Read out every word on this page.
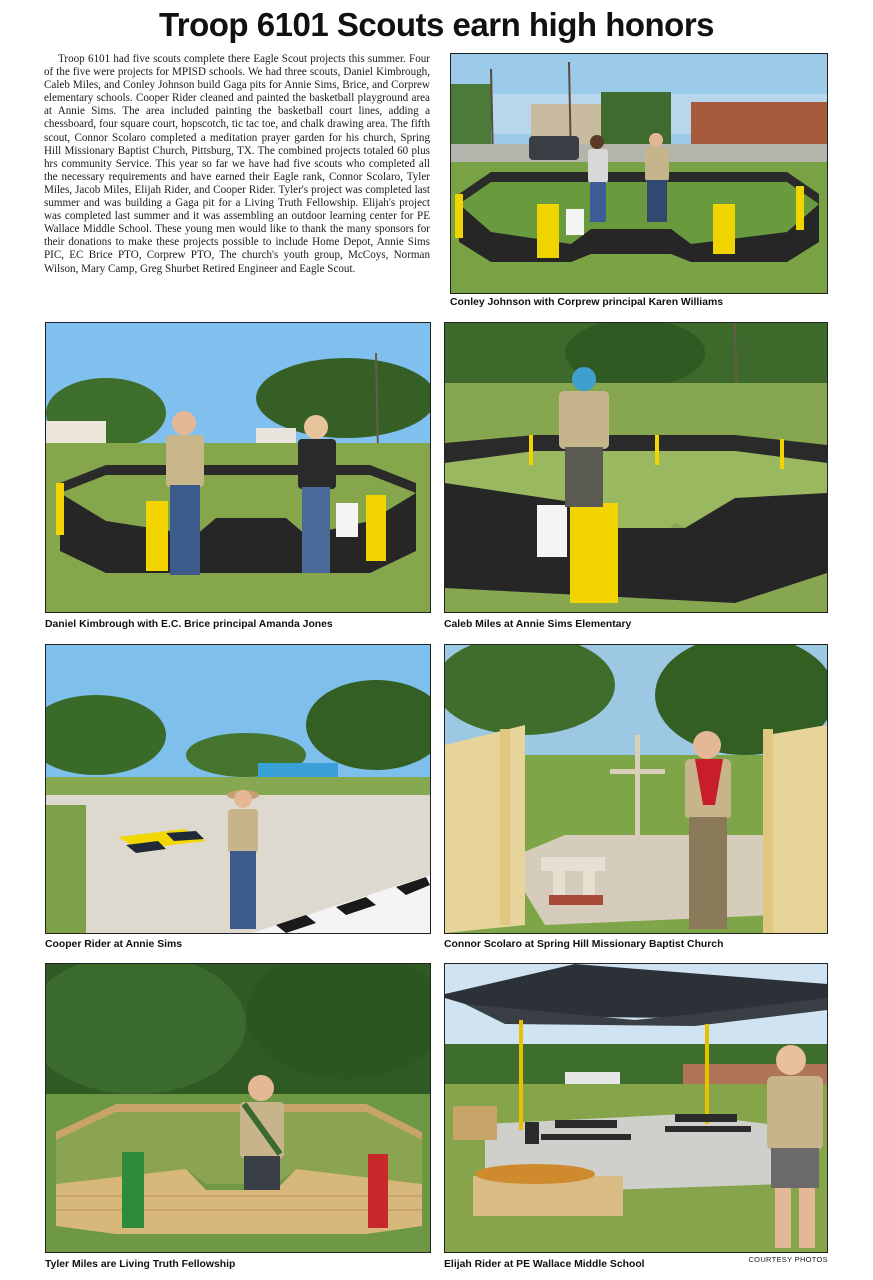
Troop 6101 Scouts earn high honors

Troop 6101 had five scouts complete there Eagle Scout projects this summer. Four of the five were projects for MPISD schools. We had three scouts, Daniel Kimbrough, Caleb Miles, and Conley Johnson build Gaga pits for Annie Sims, Brice, and Corprew elementary schools. Cooper Rider cleaned and painted the basketball playground area at Annie Sims. The area included painting the basketball court lines, adding a chessboard, four square court, hopscotch, tic tac toe, and chalk drawing area. The fifth scout, Connor Scolaro completed a meditation prayer garden for his church, Spring Hill Missionary Baptist Church, Pittsburg, TX. The combined projects totaled 60 plus hrs community Service. This year so far we have had five scouts who completed all the necessary requirements and have earned their Eagle rank, Connor Scolaro, Tyler Miles, Jacob Miles, Elijah Rider, and Cooper Rider. Tyler's project was completed last summer and was building a Gaga pit for a Living Truth Fellowship. Elijah's project was completed last summer and it was assembling an outdoor learning center for PE Wallace Middle School. These young men would like to thank the many sponsors for their donations to make these projects possible to include Home Depot, Annie Sims PIC, EC Brice PTO, Corprew PTO, The church's youth group, McCoys, Norman Wilson, Mary Camp, Greg Shurbet Retired Engineer and Eagle Scout.

Conley Johnson with Corprew principal Karen Williams
Daniel Kimbrough with E.C. Brice principal Amanda Jones	Caleb Miles at Annie Sims Elementary
Cooper Rider at Annie Sims	Connor Scolaro at Spring Hill Missionary Baptist Church
Tyler Miles are Living Truth Fellowship	Elijah Rider at PE Wallace Middle School	COURTESY PHOTOS
